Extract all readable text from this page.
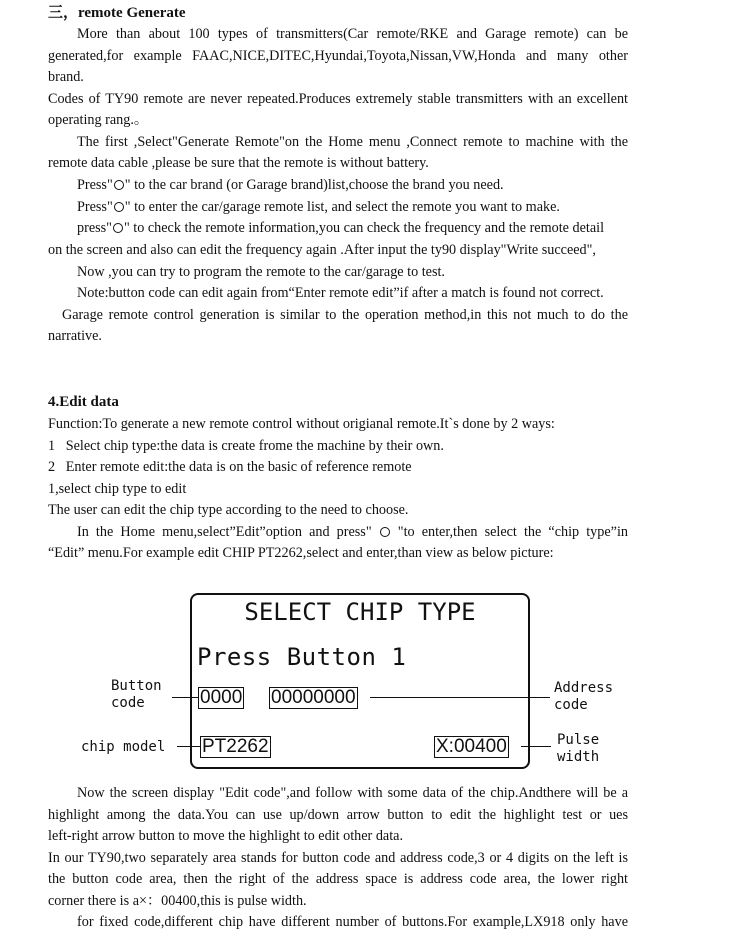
三，remote Generate
More than about 100 types of transmitters(Car remote/RKE and Garage remote) can be
generated,for example FAAC,NICE,DITEC,Hyundai,Toyota,Nissan,VW,Honda and many other
brand.
Codes of TY90 remote are never repeated.Produces extremely stable transmitters with an excellent
operating rang.。
The first ,Select"Generate Remote"on the Home menu ,Connect remote to machine with the
remote data cable ,please be sure that the remote is without battery.
Press" " to the car brand (or Garage brand)list,choose the brand you need.
Press" " to enter the car/garage remote list, and select the remote you want to make.
press" " to check the remote information,you can check the frequency and the remote detail
on the screen and also can edit the frequency again .After input the ty90 display"Write succeed",
Now ,you can try to program the remote to the car/garage to test.
Note:button code can edit again from“Enter remote edit”if after a match is found not correct.
Garage remote control generation is similar to the operation method,in this not much to do the
narrative.
4.Edit data
Function:To generate a new remote control without origianal remote.It`s done by 2 ways:
1   Select chip type:the data is create frome the machine by their own.
2   Enter remote edit:the data is on the basic of reference remote
1,select chip type to edit
The user can edit the chip type according to the need to choose.
In the Home menu,select”Edit”option and press"  "to enter,then select the “chip type”in
“Edit” menu.For example edit CHIP PT2262,select and enter,than view as below picture:
SELECT CHIP TYPE
Press Button 1
0000 00000000
PT2262	X:00400
Button
code
Address
code
chip model	Pulse
width
Now the screen display "Edit code",and follow with some data of the chip.Andthere will be a
highlight among the data.You can use up/down arrow button to edit the highlight test or ues
left-right arrow button to move the highlight to edit other data.
In our TY90,two separately area stands for button code and address code,3 or 4 digits on the left is
the button code area, then the right of the address space is address code area, the lower right
corner there is a×：00400,this is pulse width.
for fixed code,different chip have different number of buttons.For example,LX918 only have
